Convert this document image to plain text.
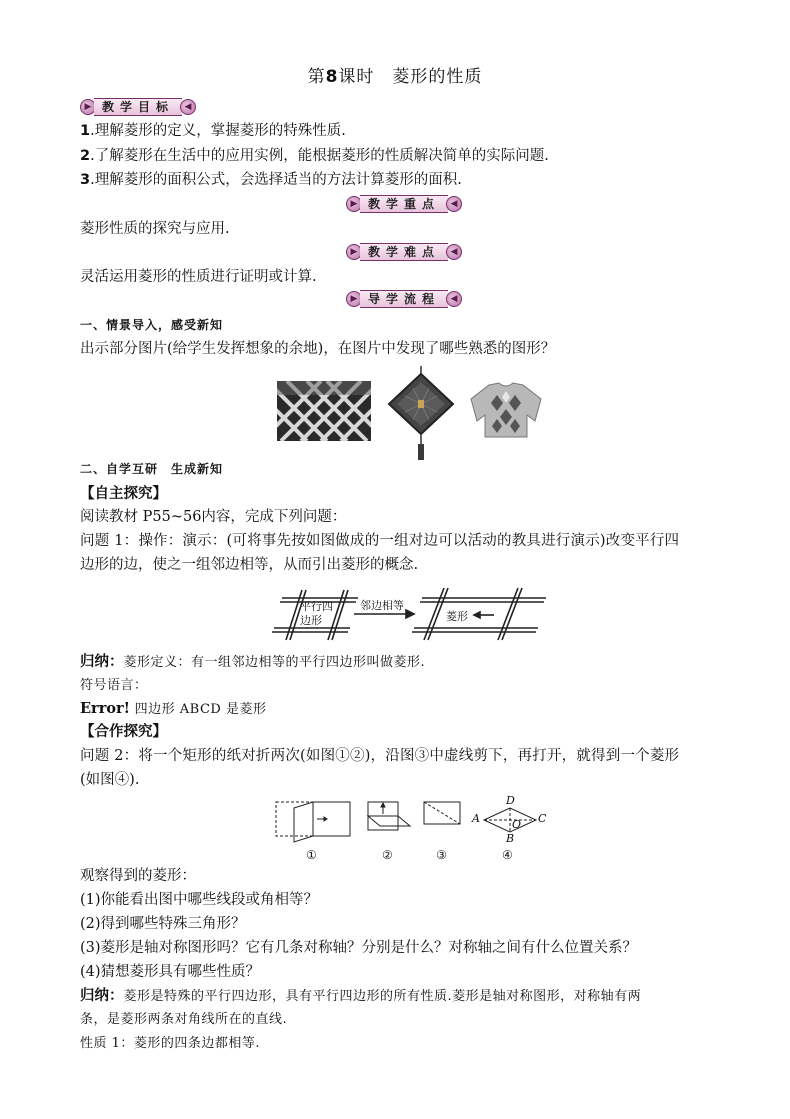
第8课时　菱形的性质
▶ 教学目标	◀
1.理解菱形的定义，掌握菱形的特殊性质.
2.了解菱形在生活中的应用实例，能根据菱形的性质解决简单的实际问题.
3.理解菱形的面积公式，会选择适当的方法计算菱形的面积.
▶ 教学重点	◀
菱形性质的探究与应用.
▶ 教学难点	◀
灵活运用菱形的性质进行证明或计算.
▶ 导学流程	◀
一、情景导入，感受新知
出示部分图片(给学生发挥想象的余地)，在图片中发现了哪些熟悉的图形？
二、自学互研　生成新知
【自主探究】
阅读教材 P55~56内容，完成下列问题：
问题 1：操作：演示：(可将事先按如图做成的一组对边可以活动的教具进行演示)改变平行四
边形的边，使之一组邻边相等，从而引出菱形的概念.
平行四
边形
邻边相等
菱形
归纳：菱形定义：有一组邻边相等的平行四边形叫做菱形.
符号语言：
Error! 四边形 ABCD 是菱形
【合作探究】
问题 2：将一个矩形的纸对折两次(如图①②)，沿图③中虚线剪下，再打开，就得到一个菱形
(如图④).
①	②	③	④
A
D
C
B
O
观察得到的菱形：
(1)你能看出图中哪些线段或角相等？
(2)得到哪些特殊三角形？
(3)菱形是轴对称图形吗？它有几条对称轴？分别是什么？对称轴之间有什么位置关系？
(4)猜想菱形具有哪些性质？
归纳：菱形是特殊的平行四边形，具有平行四边形的所有性质.菱形是轴对称图形，对称轴有两
条，是菱形两条对角线所在的直线.
性质 1：菱形的四条边都相等.
